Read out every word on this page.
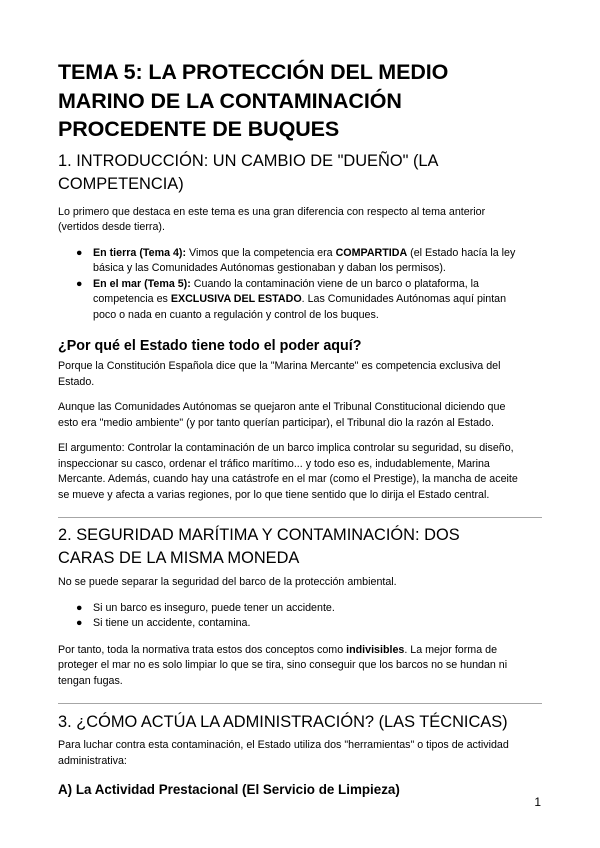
TEMA 5: LA PROTECCIÓN DEL MEDIO
MARINO DE LA CONTAMINACIÓN
PROCEDENTE DE BUQUES
1. INTRODUCCIÓN: UN CAMBIO DE "DUEÑO" (LA
COMPETENCIA)

Lo primero que destaca en este tema es una gran diferencia con respecto al tema anterior
(vertidos desde tierra).

● En tierra (Tema 4): Vimos que la competencia era COMPARTIDA (el Estado hacía la ley
básica y las Comunidades Autónomas gestionaban y daban los permisos).
● En el mar (Tema 5): Cuando la contaminación viene de un barco o plataforma, la
competencia es EXCLUSIVA DEL ESTADO. Las Comunidades Autónomas aquí pintan
poco o nada en cuanto a regulación y control de los buques.
¿Por qué el Estado tiene todo el poder aquí?

Porque la Constitución Española dice que la "Marina Mercante" es competencia exclusiva del
Estado.

Aunque las Comunidades Autónomas se quejaron ante el Tribunal Constitucional diciendo que
esto era "medio ambiente" (y por tanto querían participar), el Tribunal dio la razón al Estado.

El argumento: Controlar la contaminación de un barco implica controlar su seguridad, su diseño,
inspeccionar su casco, ordenar el tráfico marítimo... y todo eso es, indudablemente, Marina
Mercante. Además, cuando hay una catástrofe en el mar (como el Prestige), la mancha de aceite
se mueve y afecta a varias regiones, por lo que tiene sentido que lo dirija el Estado central.

2. SEGURIDAD MARÍTIMA Y CONTAMINACIÓN: DOS
CARAS DE LA MISMA MONEDA

No se puede separar la seguridad del barco de la protección ambiental.

● Si un barco es inseguro, puede tener un accidente.
● Si tiene un accidente, contamina.

Por tanto, toda la normativa trata estos dos conceptos como indivisibles. La mejor forma de
proteger el mar no es solo limpiar lo que se tira, sino conseguir que los barcos no se hundan ni
tengan fugas.

3. ¿CÓMO ACTÚA LA ADMINISTRACIÓN? (LAS TÉCNICAS)

Para luchar contra esta contaminación, el Estado utiliza dos "herramientas" o tipos de actividad
administrativa:

A) La Actividad Prestacional (El Servicio de Limpieza)
1
